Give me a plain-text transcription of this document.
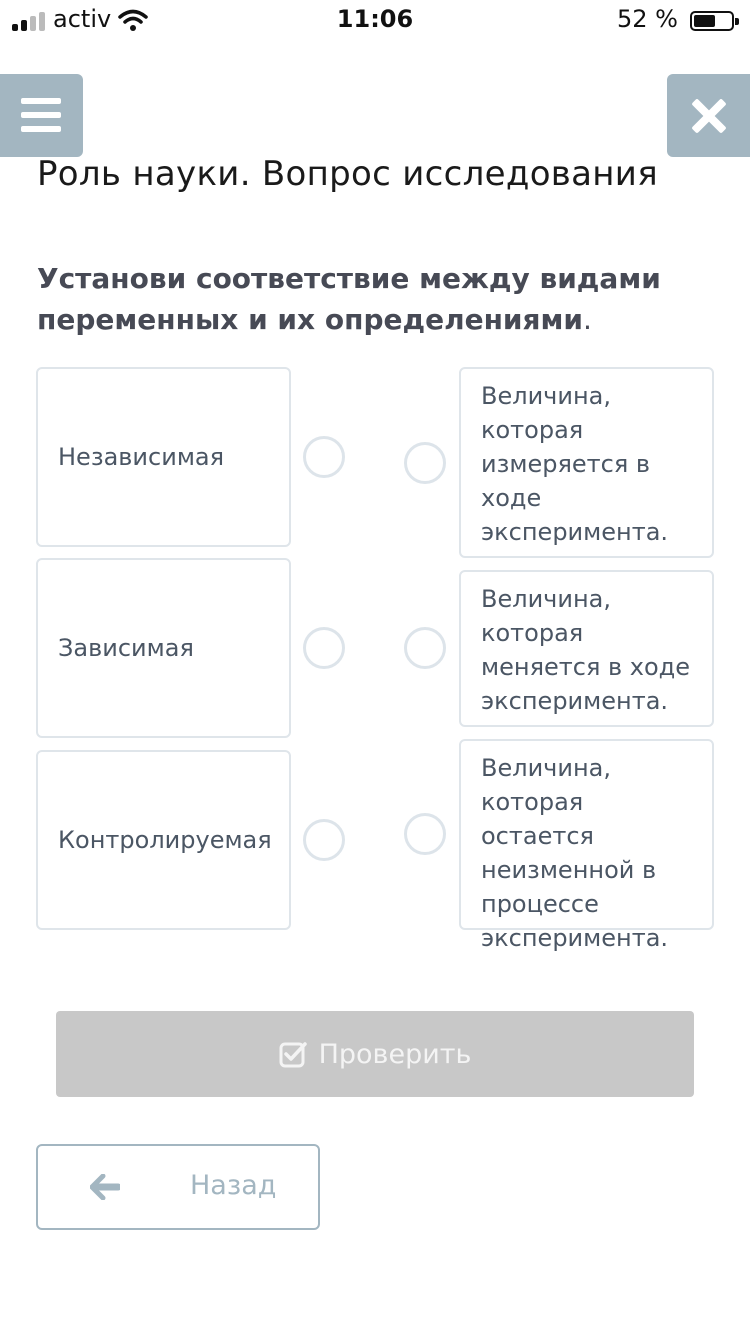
activ	11:06	52 %
Роль науки. Вопрос исследования
Установи соответствие между видами переменных и их определениями.
Независимая
Зависимая
Контролируемая
Величина, которая измеряется в ходе эксперимента.
Величина, которая меняется в ходе эксперимента.
Величина, которая остается неизменной в процессе эксперимента.
Проверить
Назад
